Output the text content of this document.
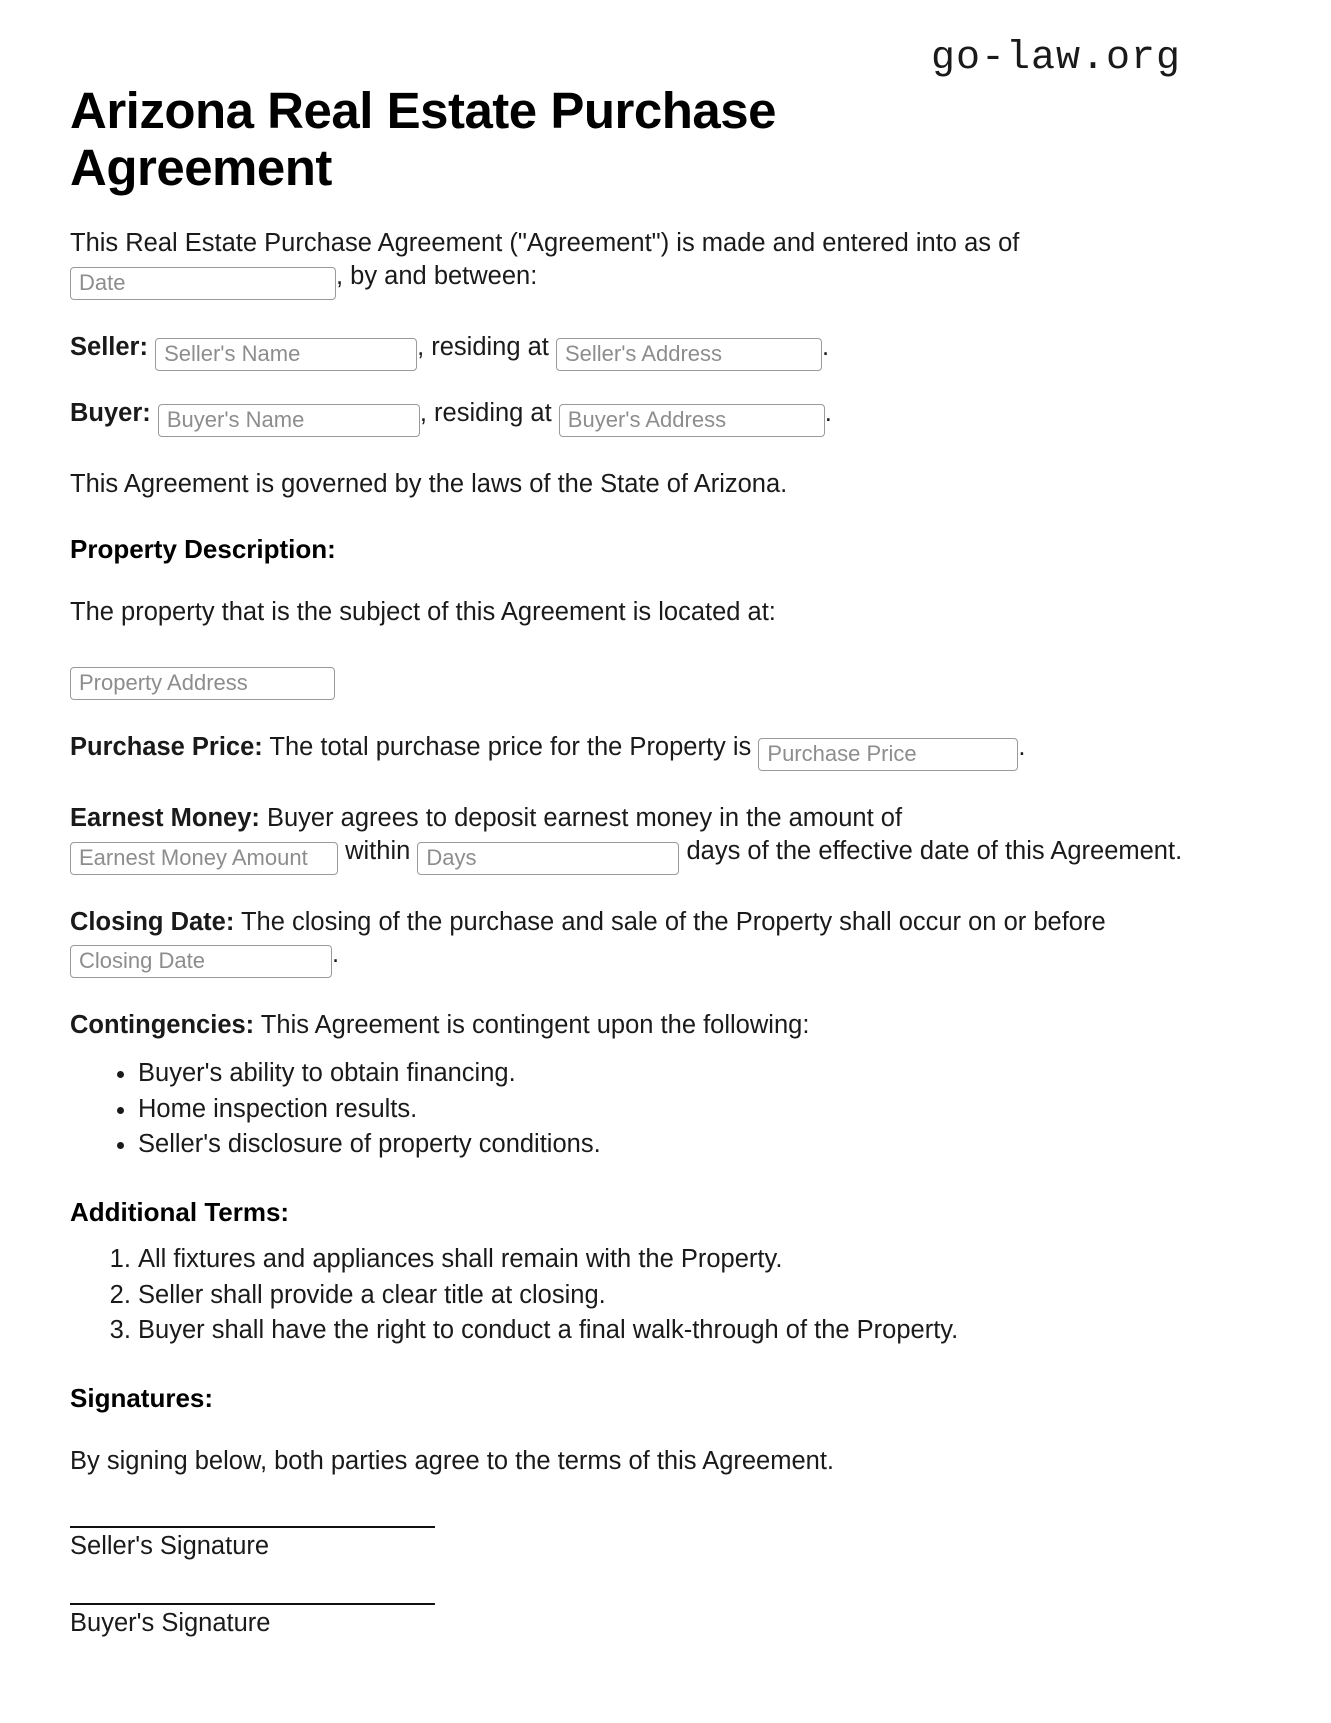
go-law.org
Arizona Real Estate Purchase Agreement

This Real Estate Purchase Agreement ("Agreement") is made and entered into as of
Date, by and between:

Seller: Seller's Name	, residing at Seller's Address	.

Buyer: Buyer's Name	, residing at Buyer's Address	.

This Agreement is governed by the laws of the State of Arizona.

Property Description:

The property that is the subject of this Agreement is located at:

Property Address

Purchase Price: The total purchase price for the Property is Purchase Price	.

Earnest Money: Buyer agrees to deposit earnest money in the amount of
Earnest Money Amount within Days	days of the effective date of this Agreement.

Closing Date: The closing of the purchase and sale of the Property shall occur on or before Closing Date.

Contingencies: This Agreement is contingent upon the following:

• Buyer's ability to obtain financing.
• Home inspection results.
• Seller's disclosure of property conditions.
Additional Terms:
1. All fixtures and appliances shall remain with the Property.
2. Seller shall provide a clear title at closing.
3. Buyer shall have the right to conduct a final walk-through of the Property.
Signatures:

By signing below, both parties agree to the terms of this Agreement.

Seller's Signature
Buyer's Signature
